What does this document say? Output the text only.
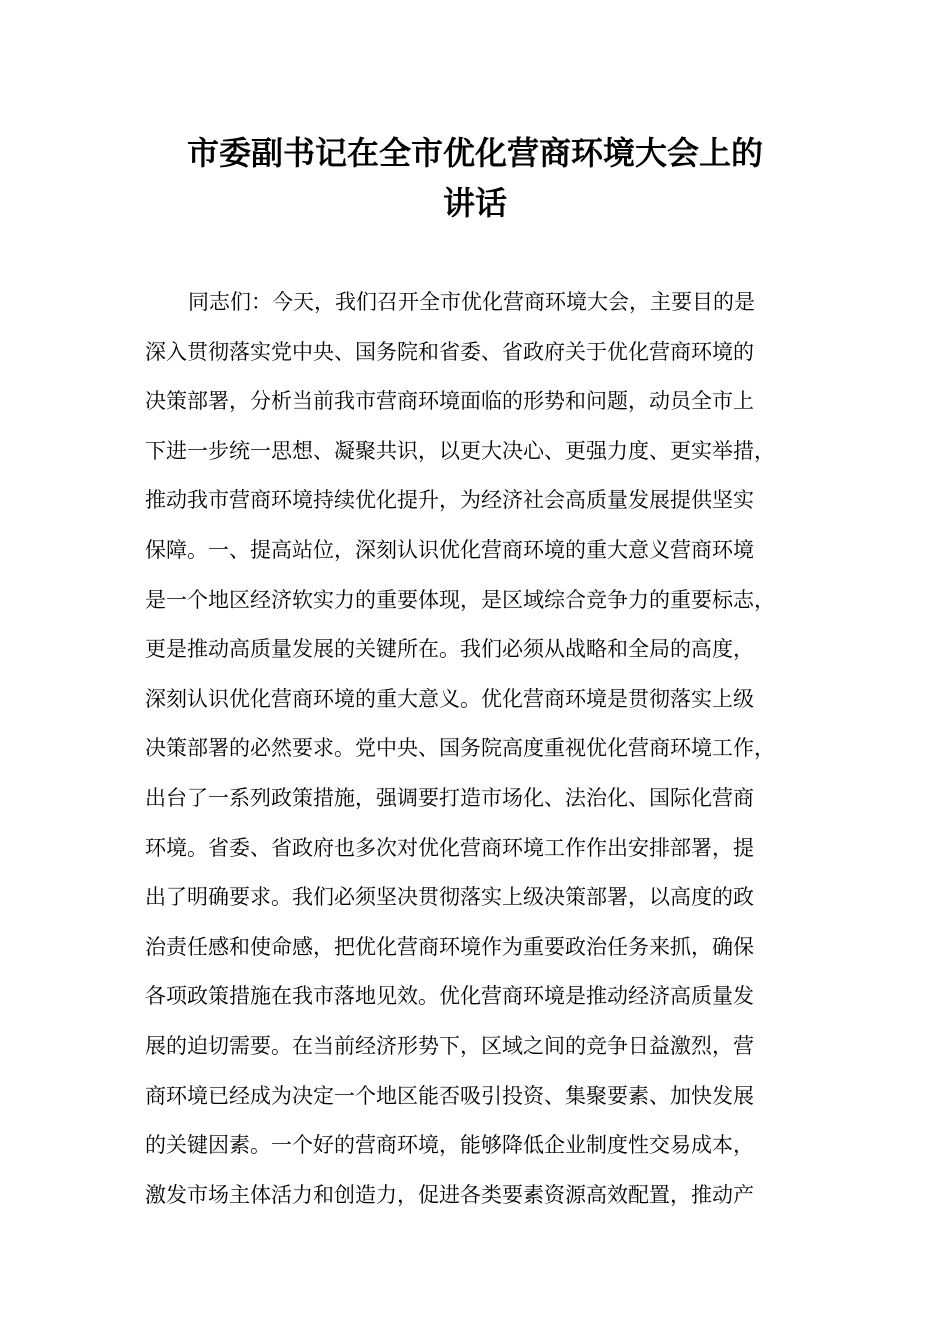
市委副书记在全市优化营商环境大会上的
讲话
同志们：今天，我们召开全市优化营商环境大会，主要目的是
深入贯彻落实党中央、国务院和省委、省政府关于优化营商环境的
决策部署，分析当前我市营商环境面临的形势和问题，动员全市上
下进一步统一思想、凝聚共识，以更大决心、更强力度、更实举措，
推动我市营商环境持续优化提升，为经济社会高质量发展提供坚实
保障。一、提高站位，深刻认识优化营商环境的重大意义营商环境
是一个地区经济软实力的重要体现，是区域综合竞争力的重要标志，
更是推动高质量发展的关键所在。我们必须从战略和全局的高度，
深刻认识优化营商环境的重大意义。优化营商环境是贯彻落实上级
决策部署的必然要求。党中央、国务院高度重视优化营商环境工作，
出台了一系列政策措施，强调要打造市场化、法治化、国际化营商
环境。省委、省政府也多次对优化营商环境工作作出安排部署，提
出了明确要求。我们必须坚决贯彻落实上级决策部署，以高度的政
治责任感和使命感，把优化营商环境作为重要政治任务来抓，确保
各项政策措施在我市落地见效。优化营商环境是推动经济高质量发
展的迫切需要。在当前经济形势下，区域之间的竞争日益激烈，营
商环境已经成为决定一个地区能否吸引投资、集聚要素、加快发展
的关键因素。一个好的营商环境，能够降低企业制度性交易成本，
激发市场主体活力和创造力，促进各类要素资源高效配置，推动产
